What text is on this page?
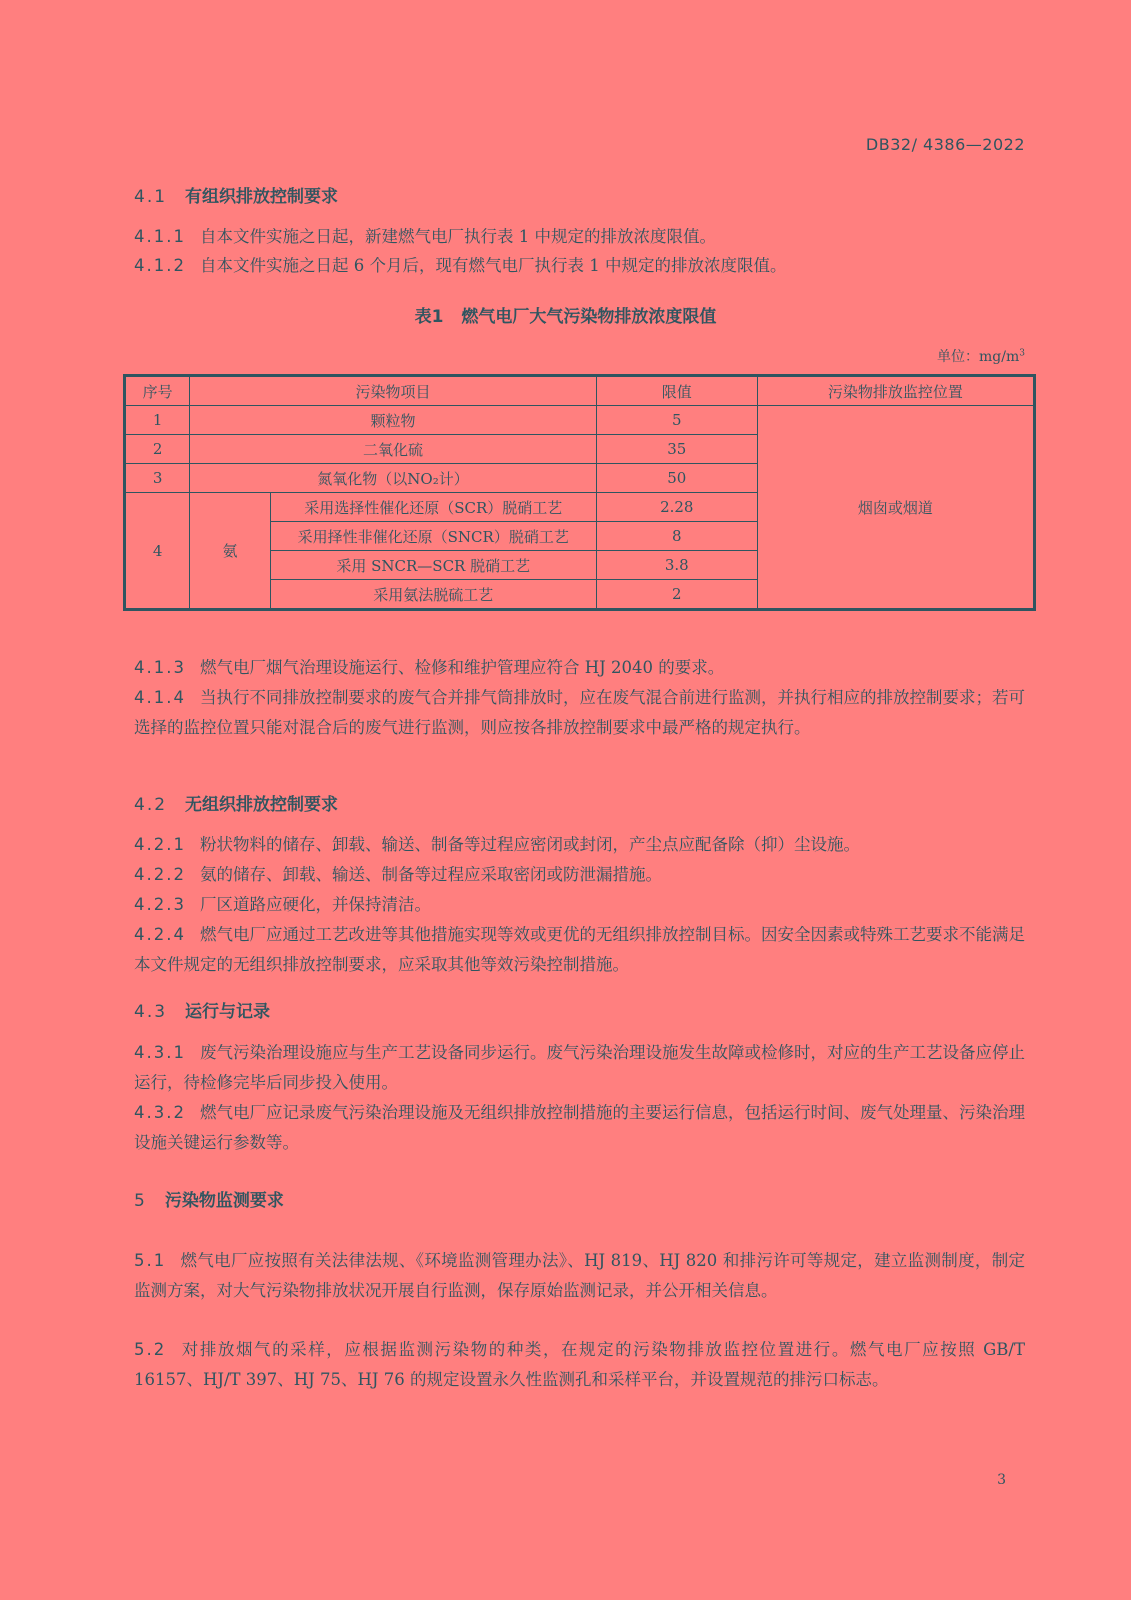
DB32/ 4386—2022
4.1 有组织排放控制要求
4.1.1 自本文件实施之日起，新建燃气电厂执行表 1 中规定的排放浓度限值。
4.1.2 自本文件实施之日起 6 个月后，现有燃气电厂执行表 1 中规定的排放浓度限值。
表1 燃气电厂大气污染物排放浓度限值
单位：$mg/m^3$
序号	污染物项目		限值	污染物排放监控位置
1	颗粒物		5	烟囱或烟道
2	二氧化硫		35	
3	氮氧化物（以NO₂计）		50	
4	氨	采用选择性催化还原（SCR）脱硝工艺	2.28	
		采用择性非催化还原（SNCR）脱硝工艺	8	
		采用 SNCR—SCR 脱硝工艺	3.8	
		采用氨法脱硫工艺	2	
4.1.3 燃气电厂烟气治理设施运行、检修和维护管理应符合 HJ 2040 的要求。
4.1.4 当执行不同排放控制要求的废气合并排气筒排放时，应在废气混合前进行监测，并执行相应的排放控制要求；若可选择的监控位置只能对混合后的废气进行监测，则应按各排放控制要求中最严格的规定执行。
4.2 无组织排放控制要求
4.2.1 粉状物料的储存、卸载、输送、制备等过程应密闭或封闭，产尘点应配备除（抑）尘设施。
4.2.2 氨的储存、卸载、输送、制备等过程应采取密闭或防泄漏措施。
4.2.3 厂区道路应硬化，并保持清洁。
4.2.4 燃气电厂应通过工艺改进等其他措施实现等效或更优的无组织排放控制目标。因安全因素或特殊工艺要求不能满足本文件规定的无组织排放控制要求，应采取其他等效污染控制措施。
4.3 运行与记录
4.3.1 废气污染治理设施应与生产工艺设备同步运行。废气污染治理设施发生故障或检修时，对应的生产工艺设备应停止运行，待检修完毕后同步投入使用。
4.3.2 燃气电厂应记录废气污染治理设施及无组织排放控制措施的主要运行信息，包括运行时间、废气处理量、污染治理设施关键运行参数等。
5 污染物监测要求
5.1 燃气电厂应按照有关法律法规、《环境监测管理办法》、HJ 819、HJ 820 和排污许可等规定，建立监测制度，制定监测方案，对大气污染物排放状况开展自行监测，保存原始监测记录，并公开相关信息。
5.2 对排放烟气的采样，应根据监测污染物的种类，在规定的污染物排放监控位置进行。燃气电厂应按照 GB/T 16157、HJ/T 397、HJ 75、HJ 76 的规定设置永久性监测孔和采样平台，并设置规范的排污口标志。
3
